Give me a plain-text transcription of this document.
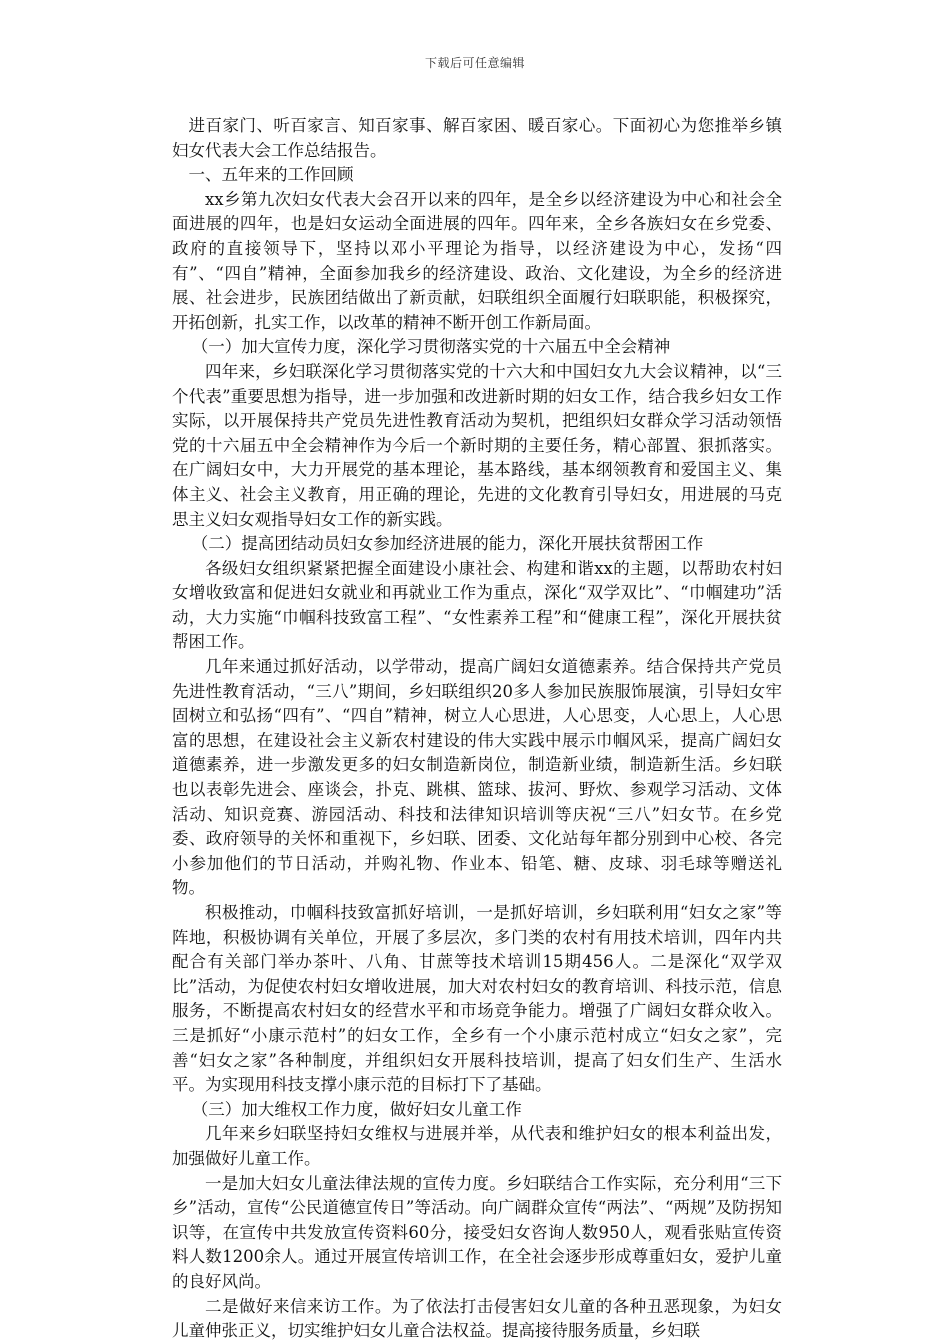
下载后可任意编辑

进百家门、听百家言、知百家事、解百家困、暖百家心。下面初心为您推举乡镇妇女代表大会工作总结报告。

一、五年来的工作回顾

xx乡第九次妇女代表大会召开以来的四年，是全乡以经济建设为中心和社会全面进展的四年，也是妇女运动全面进展的四年。四年来，全乡各族妇女在乡党委、政府的直接领导下，坚持以邓小平理论为指导，以经济建设为中心，发扬“四有”、“四自”精神，全面参加我乡的经济建设、政治、文化建设，为全乡的经济进展、社会进步，民族团结做出了新贡献，妇联组织全面履行妇联职能，积极探究，开拓创新，扎实工作，以改革的精神不断开创工作新局面。

（一）加大宣传力度，深化学习贯彻落实党的十六届五中全会精神

四年来，乡妇联深化学习贯彻落实党的十六大和中国妇女九大会议精神，以“三个代表”重要思想为指导，进一步加强和改进新时期的妇女工作，结合我乡妇女工作实际，以开展保持共产党员先进性教育活动为契机，把组织妇女群众学习活动领悟党的十六届五中全会精神作为今后一个新时期的主要任务，精心部置、狠抓落实。在广阔妇女中，大力开展党的基本理论，基本路线，基本纲领教育和爱国主义、集体主义、社会主义教育，用正确的理论，先进的文化教育引导妇女，用进展的马克思主义妇女观指导妇女工作的新实践。

（二）提高团结动员妇女参加经济进展的能力，深化开展扶贫帮困工作

各级妇女组织紧紧把握全面建设小康社会、构建和谐xx的主题，以帮助农村妇女增收致富和促进妇女就业和再就业工作为重点，深化“双学双比”、“巾帼建功”活动，大力实施“巾帼科技致富工程”、“女性素养工程”和“健康工程”，深化开展扶贫帮困工作。

几年来通过抓好活动，以学带动，提高广阔妇女道德素养。结合保持共产党员先进性教育活动，“三八”期间，乡妇联组织20多人参加民族服饰展演，引导妇女牢固树立和弘扬“四有”、“四自”精神，树立人心思进，人心思变，人心思上，人心思富的思想，在建设社会主义新农村建设的伟大实践中展示巾帼风采，提高广阔妇女道德素养，进一步激发更多的妇女制造新岗位，制造新业绩，制造新生活。乡妇联也以表彰先进会、座谈会，扑克、跳棋、篮球、拔河、野炊、参观学习活动、文体活动、知识竞赛、游园活动、科技和法律知识培训等庆祝“三八”妇女节。在乡党委、政府领导的关怀和重视下，乡妇联、团委、文化站每年都分别到中心校、各完小参加他们的节日活动，并购礼物、作业本、铅笔、糖、皮球、羽毛球等赠送礼物。

积极推动，巾帼科技致富抓好培训，一是抓好培训，乡妇联利用“妇女之家”等阵地，积极协调有关单位，开展了多层次，多门类的农村有用技术培训，四年内共配合有关部门举办茶叶、八角、甘蔗等技术培训15期456人。二是深化“双学双比”活动，为促使农村妇女增收进展，加大对农村妇女的教育培训、科技示范，信息服务，不断提高农村妇女的经营水平和市场竞争能力。增强了广阔妇女群众收入。三是抓好“小康示范村”的妇女工作，全乡有一个小康示范村成立“妇女之家”，完善“妇女之家”各种制度，并组织妇女开展科技培训，提高了妇女们生产、生活水平。为实现用科技支撑小康示范的目标打下了基础。

（三）加大维权工作力度，做好妇女儿童工作

几年来乡妇联坚持妇女维权与进展并举，从代表和维护妇女的根本利益出发，加强做好儿童工作。

一是加大妇女儿童法律法规的宣传力度。乡妇联结合工作实际，充分利用“三下乡”活动，宣传“公民道德宣传日”等活动。向广阔群众宣传“两法”、“两规”及防拐知识等，在宣传中共发放宣传资料60分，接受妇女咨询人数950人，观看张贴宣传资料人数1200余人。通过开展宣传培训工作，在全社会逐步形成尊重妇女，爱护儿童的良好风尚。

二是做好来信来访工作。为了依法打击侵害妇女儿童的各种丑恶现象，为妇女儿童伸张正义，切实维护妇女儿童合法权益。提高接待服务质量，乡妇联
